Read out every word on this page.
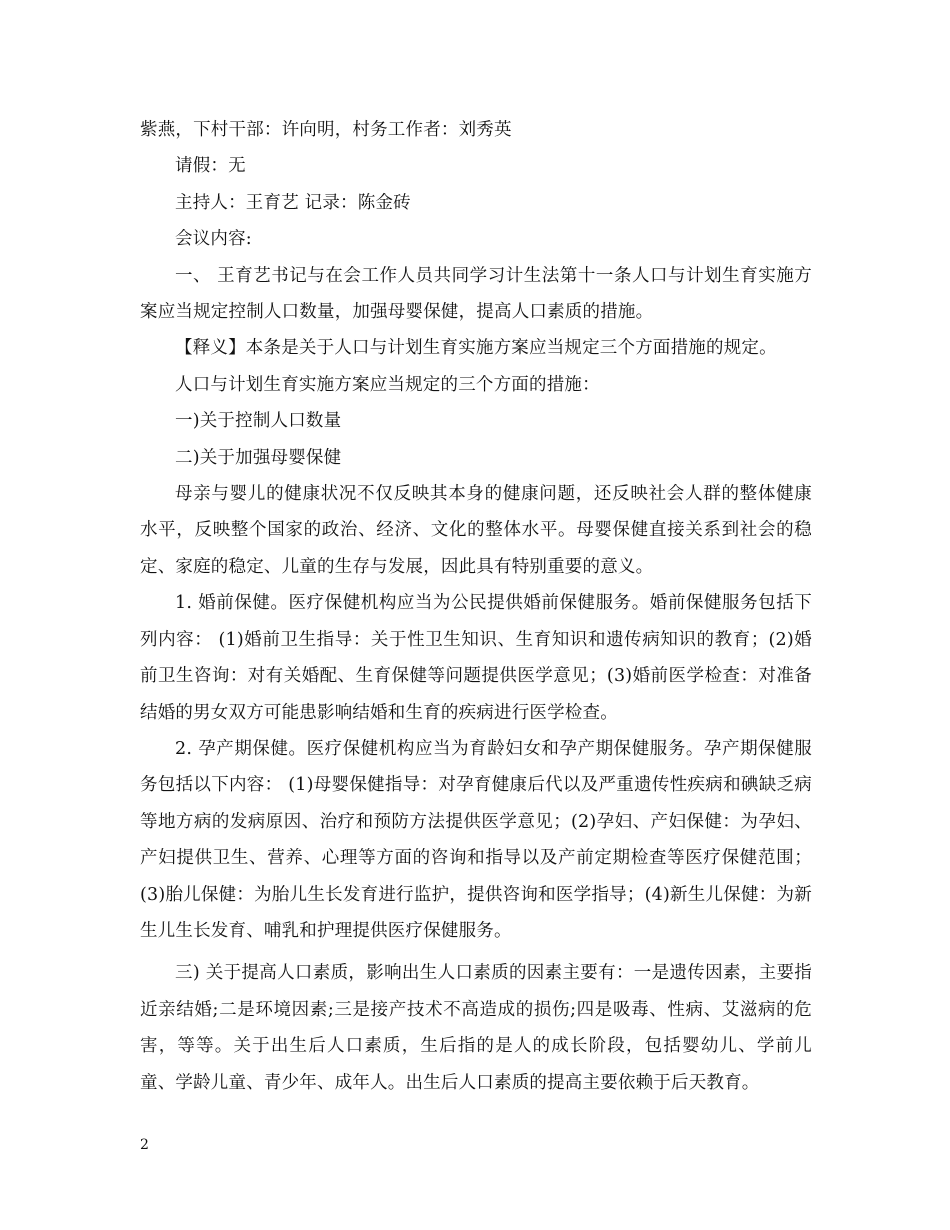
紫燕，下村干部：许向明，村务工作者：刘秀英

请假：无

主持人：王育艺 记录：陈金砖

会议内容:

一、 王育艺书记与在会工作人员共同学习计生法第十一条人口与计划生育实施方案应当规定控制人口数量，加强母婴保健，提高人口素质的措施。

【释义】本条是关于人口与计划生育实施方案应当规定三个方面措施的规定。

人口与计划生育实施方案应当规定的三个方面的措施：

一)关于控制人口数量

二)关于加强母婴保健

母亲与婴儿的健康状况不仅反映其本身的健康问题，还反映社会人群的整体健康水平，反映整个国家的政治、经济、文化的整体水平。母婴保健直接关系到社会的稳定、家庭的稳定、儿童的生存与发展，因此具有特别重要的意义。

1. 婚前保健。医疗保健机构应当为公民提供婚前保健服务。婚前保健服务包括下列内容： (1)婚前卫生指导：关于性卫生知识、生育知识和遗传病知识的教育；(2)婚前卫生咨询：对有关婚配、生育保健等问题提供医学意见；(3)婚前医学检查：对准备结婚的男女双方可能患影响结婚和生育的疾病进行医学检查。

2. 孕产期保健。医疗保健机构应当为育龄妇女和孕产期保健服务。孕产期保健服务包括以下内容： (1)母婴保健指导：对孕育健康后代以及严重遗传性疾病和碘缺乏病等地方病的发病原因、治疗和预防方法提供医学意见；(2)孕妇、产妇保健：为孕妇、产妇提供卫生、营养、心理等方面的咨询和指导以及产前定期检查等医疗保健范围；(3)胎儿保健：为胎儿生长发育进行监护，提供咨询和医学指导；(4)新生儿保健：为新生儿生长发育、哺乳和护理提供医疗保健服务。

三) 关于提高人口素质，影响出生人口素质的因素主要有：一是遗传因素，主要指近亲结婚;二是环境因素;三是接产技术不高造成的损伤;四是吸毒、性病、艾滋病的危害，等等。关于出生后人口素质，生后指的是人的成长阶段，包括婴幼儿、学前儿童、学龄儿童、青少年、成年人。出生后人口素质的提高主要依赖于后天教育。

2
